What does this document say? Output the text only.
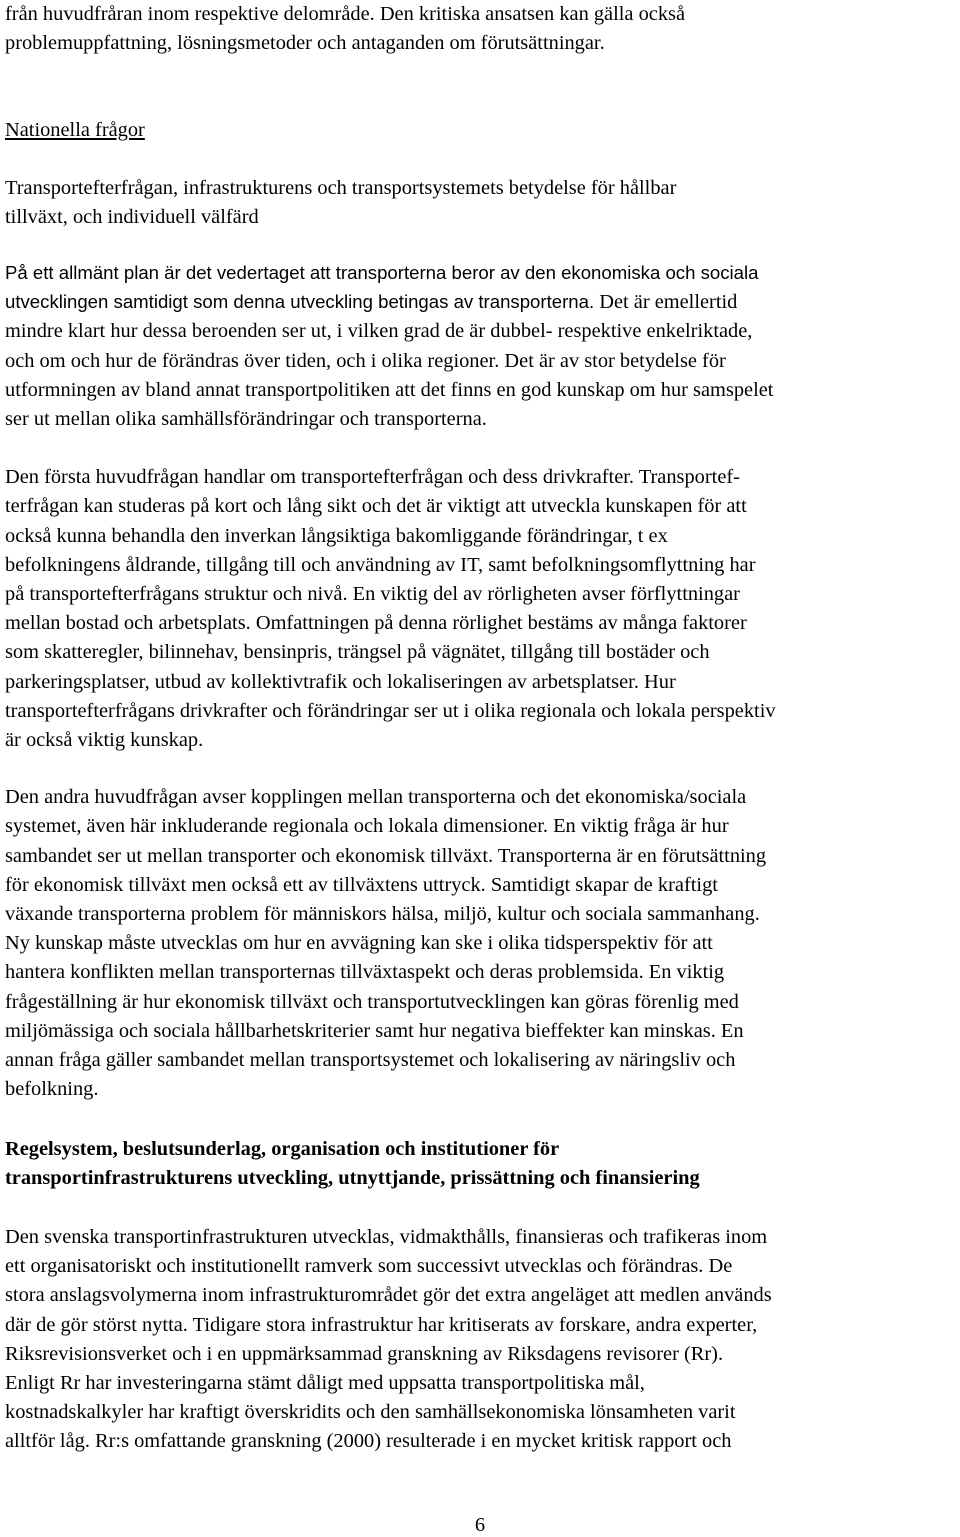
från huvudfråran inom respektive delområde. Den kritiska ansatsen kan gälla också
problemuppfattning, lösningsmetoder och antaganden om förutsättningar.

Nationella frågor

Transportefterfrågan, infrastrukturens och transportsystemets betydelse för hållbar
tillväxt, och individuell välfärd

På ett allmänt plan är det vedertaget att transporterna beror av den ekonomiska och sociala
utvecklingen samtidigt som denna utveckling betingas av transporterna. Det är emellertid
mindre klart hur dessa beroenden ser ut, i vilken grad de är dubbel- respektive enkelriktade,
och om och hur de förändras över tiden, och i olika regioner. Det är av stor betydelse för
utformningen av bland annat transportpolitiken att det finns en god kunskap om hur samspelet
ser ut mellan olika samhällsförändringar och transporterna.

Den första huvudfrågan handlar om transportefterfrågan och dess drivkrafter. Transportef-
terfrågan kan studeras på kort och lång sikt och det är viktigt att utveckla kunskapen för att
också kunna behandla den inverkan långsiktiga bakomliggande förändringar, t ex
befolkningens åldrande, tillgång till och användning av IT, samt befolkningsomflyttning har
på transportefterfrågans struktur och nivå. En viktig del av rörligheten avser förflyttningar
mellan bostad och arbetsplats. Omfattningen på denna rörlighet bestäms av många faktorer
som skatteregler, bilinnehav, bensinpris, trängsel på vägnätet, tillgång till bostäder och
parkeringsplatser, utbud av kollektivtrafik och lokaliseringen av arbetsplatser. Hur
transportefterfrågans drivkrafter och förändringar ser ut i olika regionala och lokala perspektiv
är också viktig kunskap.

Den andra huvudfrågan avser kopplingen mellan transporterna och det ekonomiska/sociala
systemet, även här inkluderande regionala och lokala dimensioner. En viktig fråga är hur
sambandet ser ut mellan transporter och ekonomisk tillväxt. Transporterna är en förutsättning
för ekonomisk tillväxt men också ett av tillväxtens uttryck. Samtidigt skapar de kraftigt
växande transporterna problem för människors hälsa, miljö, kultur och sociala sammanhang.
Ny kunskap måste utvecklas om hur en avvägning kan ske i olika tidsperspektiv för att
hantera konflikten mellan transporternas tillväxtaspekt och deras problemsida. En viktig
frågeställning är hur ekonomisk tillväxt och transportutvecklingen kan göras förenlig med
miljömässiga och sociala hållbarhetskriterier samt hur negativa bieffekter kan minskas. En
annan fråga gäller sambandet mellan transportsystemet och lokalisering av näringsliv och
befolkning.

Regelsystem, beslutsunderlag, organisation och institutioner för
transportinfrastrukturens utveckling, utnyttjande, prissättning och finansiering

Den svenska transportinfrastrukturen utvecklas, vidmakthålls, finansieras och trafikeras inom
ett organisatoriskt och institutionellt ramverk som successivt utvecklas och förändras. De
stora anslagsvolymerna inom infrastrukturområdet gör det extra angeläget att medlen används
där de gör störst nytta. Tidigare stora infrastruktur har kritiserats av forskare, andra experter,
Riksrevisionsverket och i en uppmärksammad granskning av Riksdagens revisorer (Rr).
Enligt Rr har investeringarna stämt dåligt med uppsatta transportpolitiska mål,
kostnadskalkyler har kraftigt överskridits och den samhällsekonomiska lönsamheten varit
alltför låg. Rr:s omfattande granskning (2000) resulterade i en mycket kritisk rapport och

6
